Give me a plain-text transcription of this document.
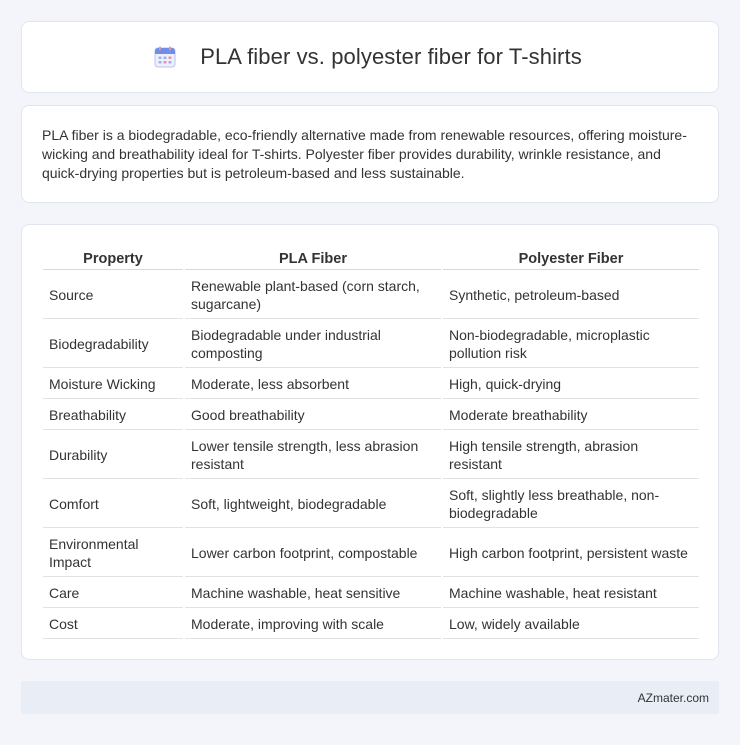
PLA fiber vs. polyester fiber for T-shirts

PLA fiber is a biodegradable, eco-friendly alternative made from renewable resources, offering moisture-wicking and breathability ideal for T-shirts. Polyester fiber provides durability, wrinkle resistance, and quick-drying properties but is petroleum-based and less sustainable.

Property	PLA Fiber	Polyester Fiber
Source	Renewable plant-based (corn starch, sugarcane)	Synthetic, petroleum-based
Biodegradability	Biodegradable under industrial composting	Non-biodegradable, microplastic pollution risk
Moisture Wicking	Moderate, less absorbent	High, quick-drying
Breathability	Good breathability	Moderate breathability
Durability	Lower tensile strength, less abrasion resistant	High tensile strength, abrasion resistant
Comfort	Soft, lightweight, biodegradable	Soft, slightly less breathable, non-biodegradable
Environmental Impact	Lower carbon footprint, compostable	High carbon footprint, persistent waste
Care	Machine washable, heat sensitive	Machine washable, heat resistant
Cost	Moderate, improving with scale	Low, widely available
AZmater.com
